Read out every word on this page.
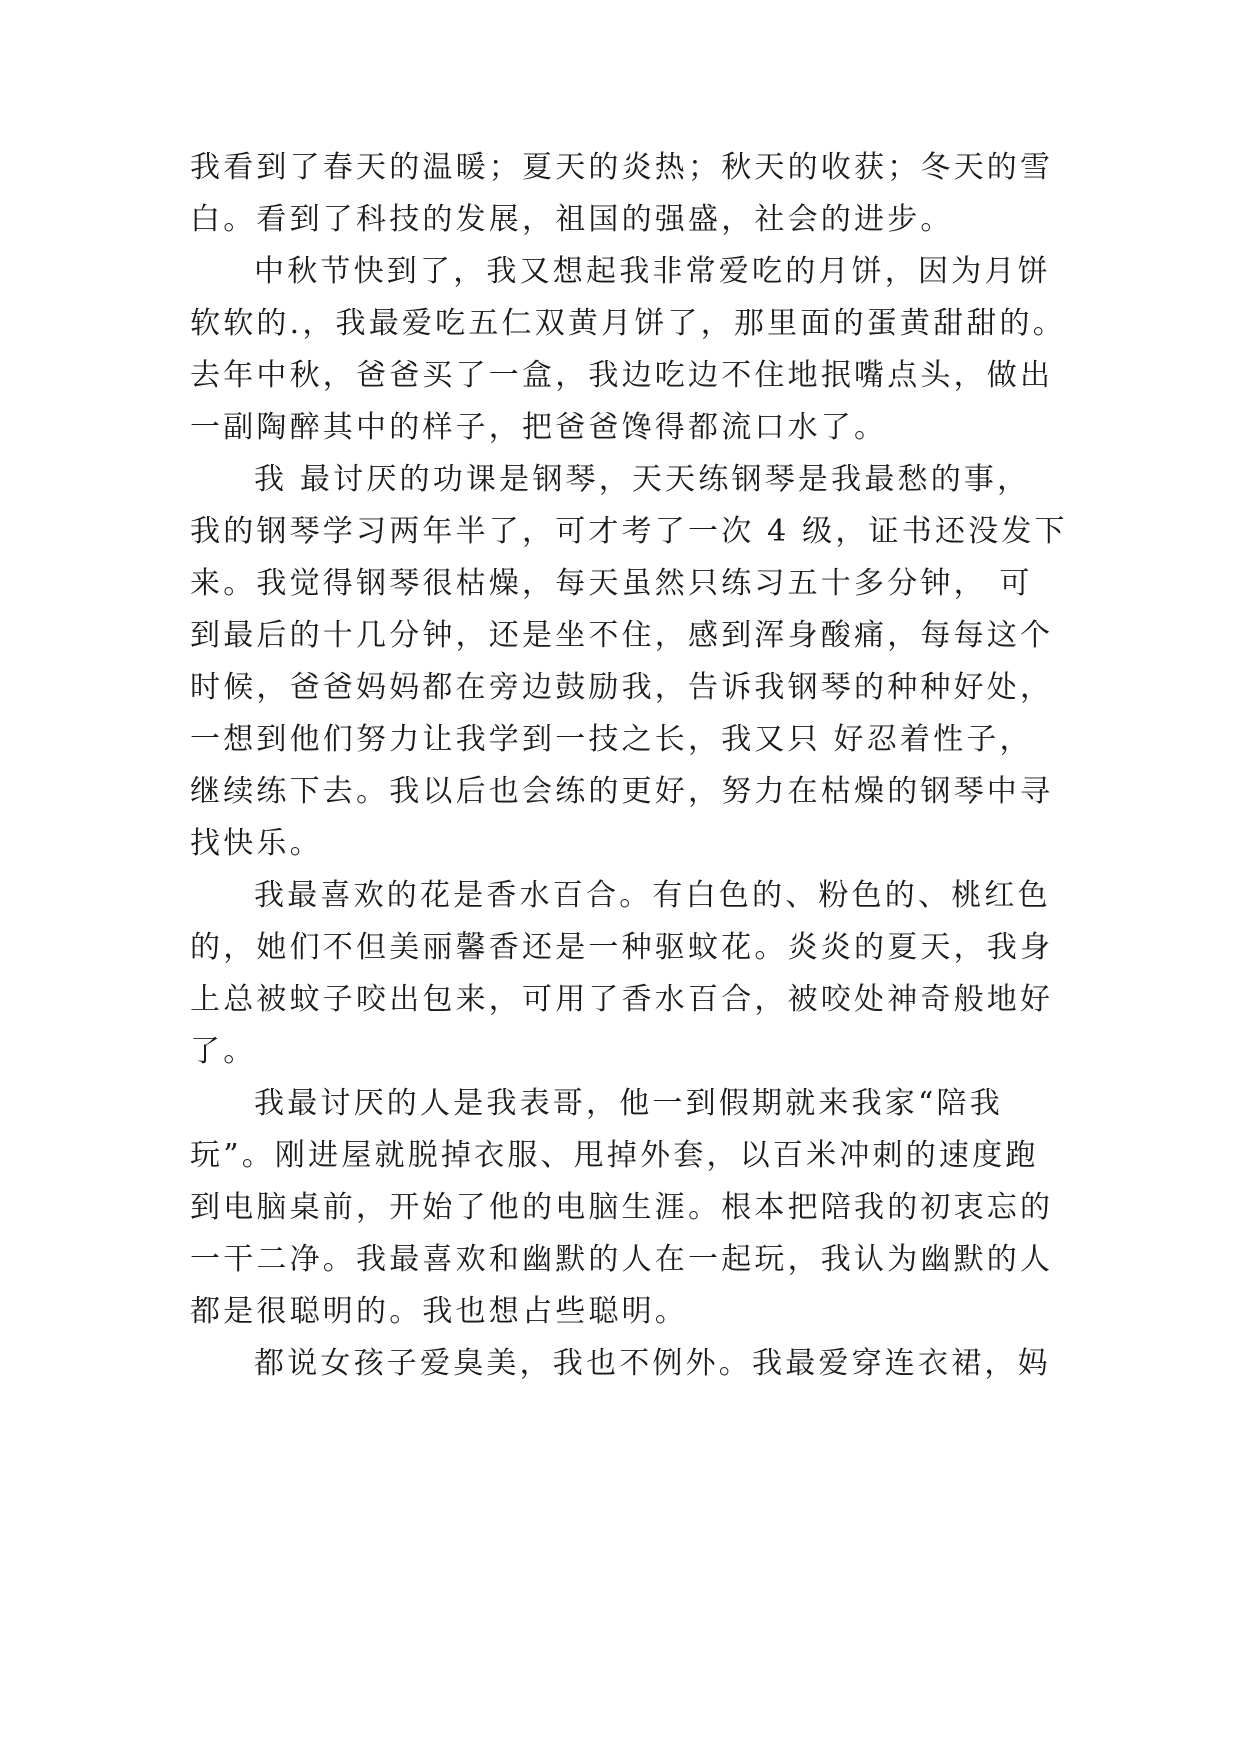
我看到了春天的温暖；夏天的炎热；秋天的收获；冬天的雪
白。看到了科技的发展，祖国的强盛，社会的进步。
中秋节快到了，我又想起我非常爱吃的月饼，因为月饼
软软的.，我最爱吃五仁双黄月饼了，那里面的蛋黄甜甜的。
去年中秋，爸爸买了一盒，我边吃边不住地抿嘴点头，做出
一副陶醉其中的样子，把爸爸馋得都流口水了。
我 最讨厌的功课是钢琴，天天练钢琴是我最愁的事，
我的钢琴学习两年半了，可才考了一次 4 级，证书还没发下
来。我觉得钢琴很枯燥，每天虽然只练习五十多分钟， 可
到最后的十几分钟，还是坐不住，感到浑身酸痛，每每这个
时候，爸爸妈妈都在旁边鼓励我，告诉我钢琴的种种好处，
一想到他们努力让我学到一技之长，我又只 好忍着性子，
继续练下去。我以后也会练的更好，努力在枯燥的钢琴中寻
找快乐。
我最喜欢的花是香水百合。有白色的、粉色的、桃红色
的，她们不但美丽馨香还是一种驱蚊花。炎炎的夏天，我身
上总被蚊子咬出包来，可用了香水百合，被咬处神奇般地好
了。
我最讨厌的人是我表哥，他一到假期就来我家“陪我
玩”。刚进屋就脱掉衣服、甩掉外套，以百米冲刺的速度跑
到电脑桌前，开始了他的电脑生涯。根本把陪我的初衷忘的
一干二净。我最喜欢和幽默的人在一起玩，我认为幽默的人
都是很聪明的。我也想占些聪明。
都说女孩子爱臭美，我也不例外。我最爱穿连衣裙，妈
